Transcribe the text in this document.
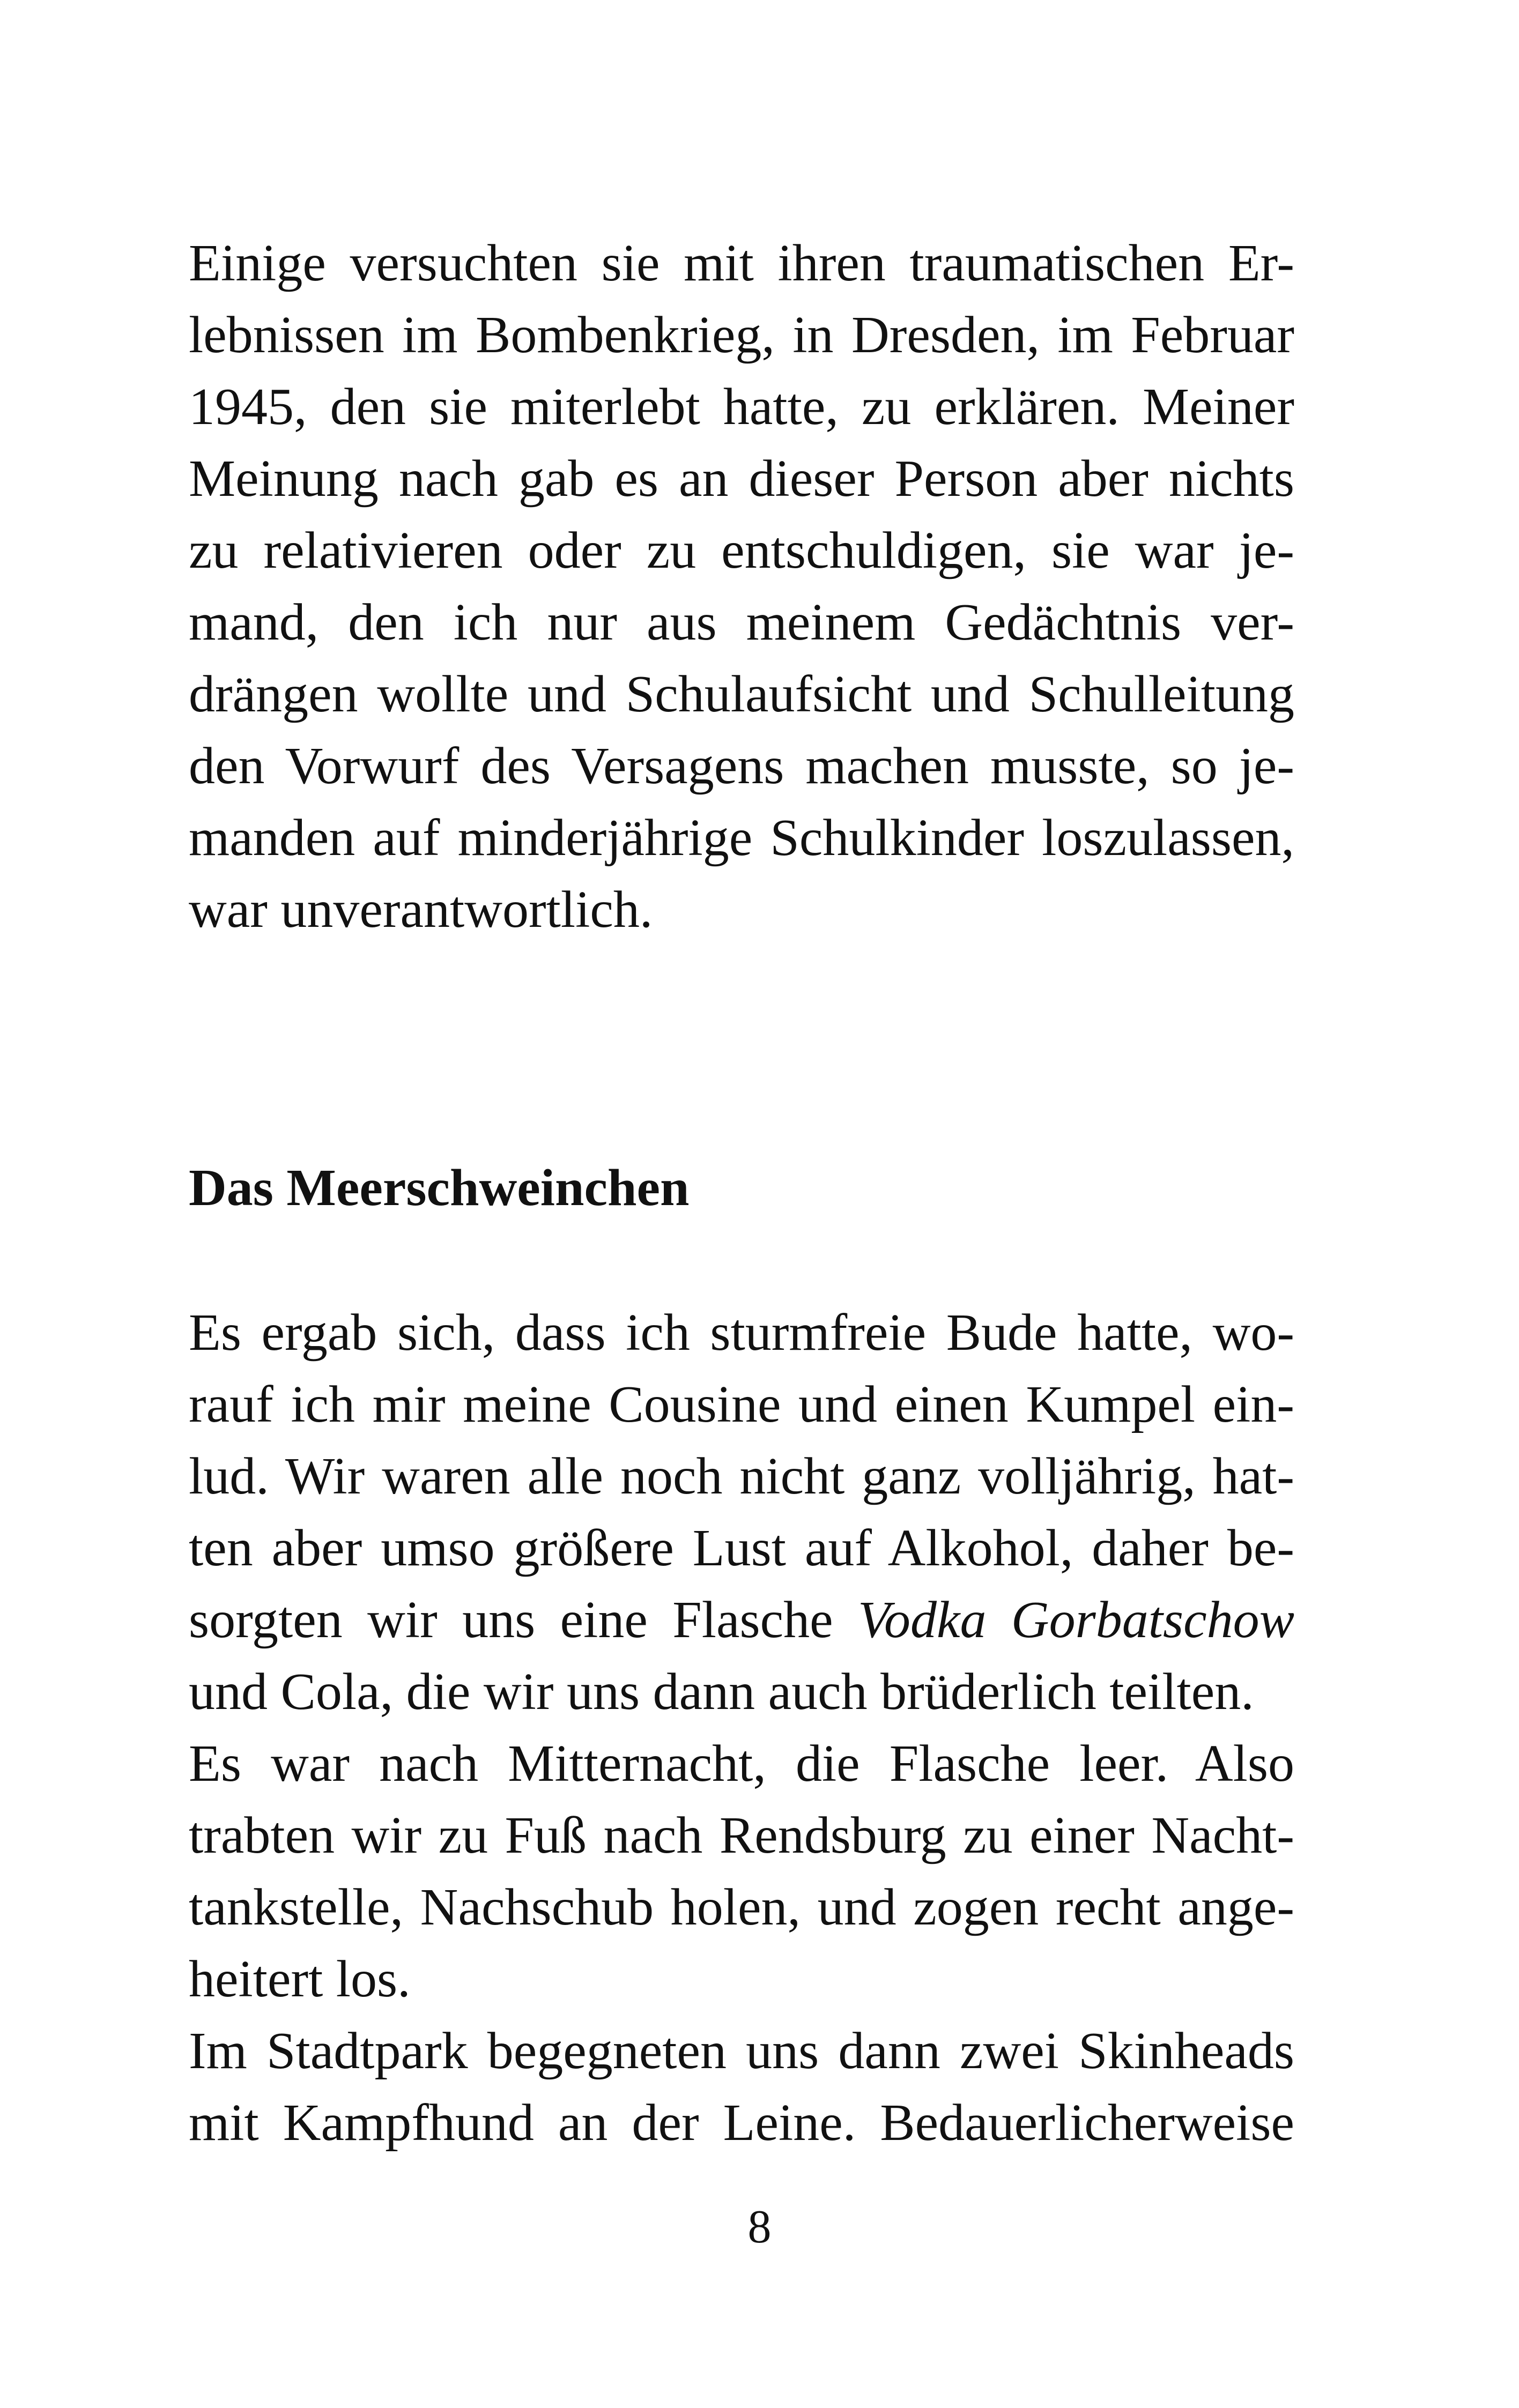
Einige versuchten sie mit ihren traumatischen Er-
lebnissen im Bombenkrieg, in Dresden, im Februar
1945, den sie miterlebt hatte, zu erklären. Meiner
Meinung nach gab es an dieser Person aber nichts
zu relativieren oder zu entschuldigen, sie war je-
mand, den ich nur aus meinem Gedächtnis ver-
drängen wollte und Schulaufsicht und Schulleitung
den Vorwurf des Versagens machen musste, so je-
manden auf minderjährige Schulkinder loszulassen,
war unverantwortlich.
Das Meerschweinchen
Es ergab sich, dass ich sturmfreie Bude hatte, wo-
rauf ich mir meine Cousine und einen Kumpel ein-
lud. Wir waren alle noch nicht ganz volljährig, hat-
ten aber umso größere Lust auf Alkohol, daher be-
sorgten wir uns eine Flasche Vodka Gorbatschow
und Cola, die wir uns dann auch brüderlich teilten.
Es war nach Mitternacht, die Flasche leer. Also
trabten wir zu Fuß nach Rendsburg zu einer Nacht-
tankstelle, Nachschub holen, und zogen recht ange-
heitert los.
Im Stadtpark begegneten uns dann zwei Skinheads
mit Kampfhund an der Leine. Bedauerlicherweise
8
